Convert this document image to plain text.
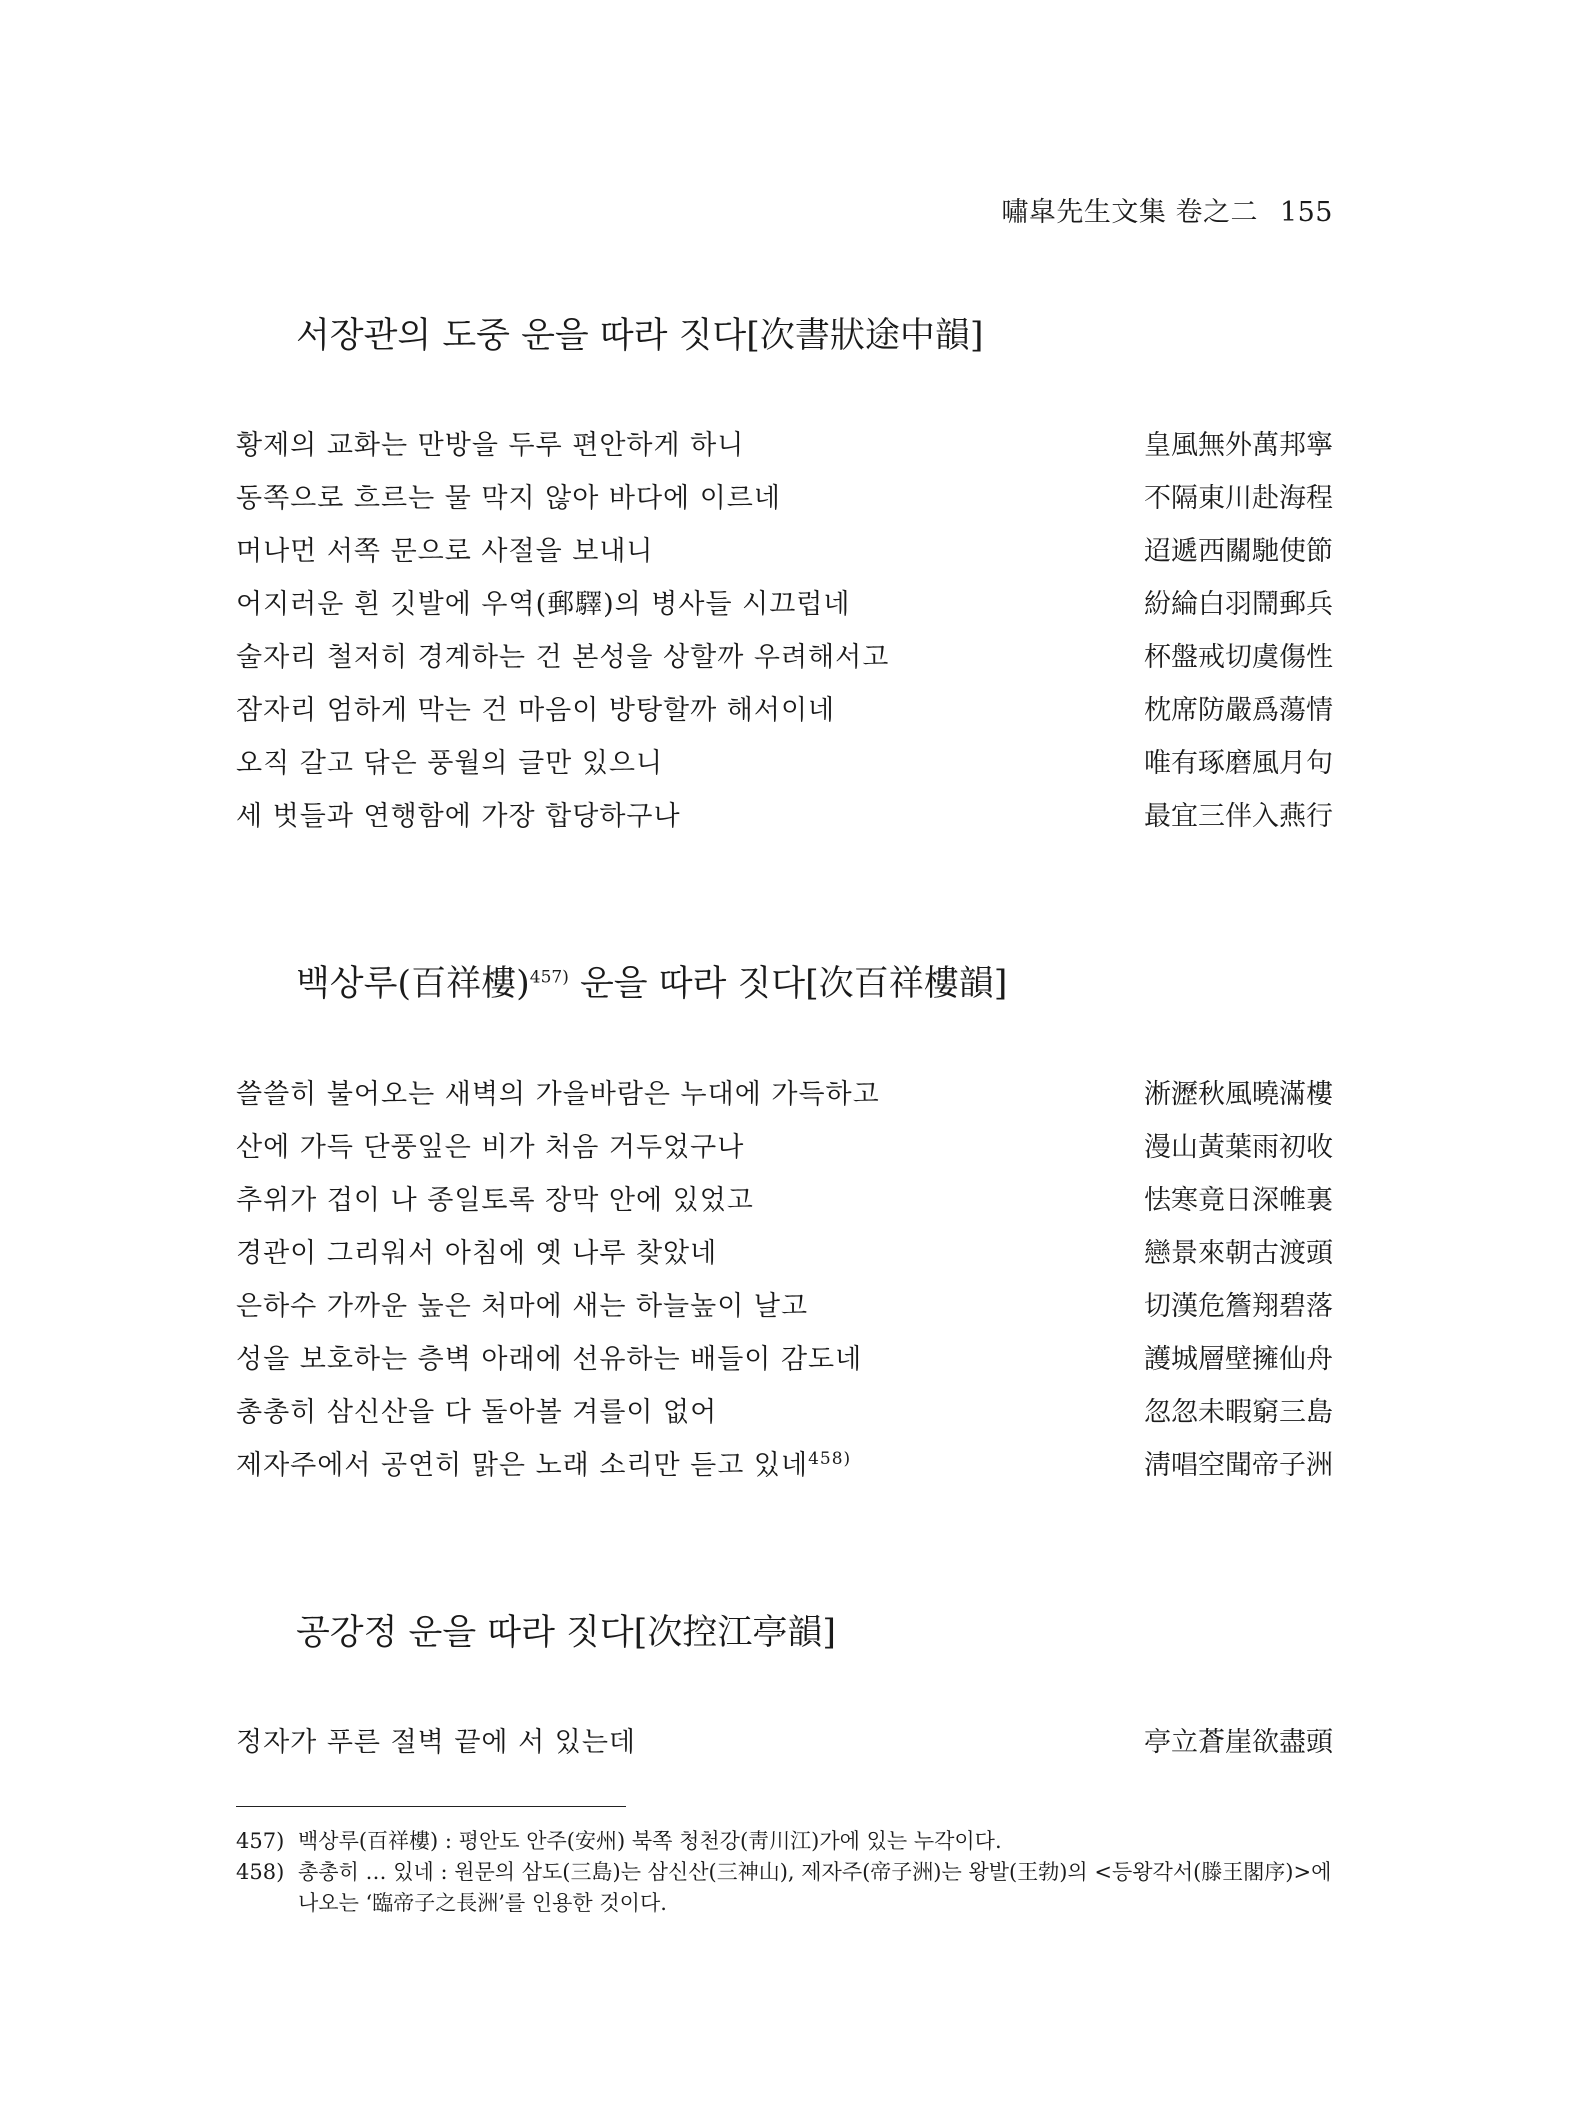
嘯皐先生文集 卷之二 155
서장관의 도중 운을 따라 짓다[次書狀途中韻]
황제의 교화는 만방을 두루 편안하게 하니	皇風無外萬邦寧
동쪽으로 흐르는 물 막지 않아 바다에 이르네	不隔東川赴海程
머나먼 서쪽 문으로 사절을 보내니	迢遞西關馳使節
어지러운 흰 깃발에 우역(郵驛)의 병사들 시끄럽네	紛綸白羽鬧郵兵
술자리 철저히 경계하는 건 본성을 상할까 우려해서고	杯盤戒切虞傷性
잠자리 엄하게 막는 건 마음이 방탕할까 해서이네	枕席防嚴爲蕩情
오직 갈고 닦은 풍월의 글만 있으니	唯有琢磨風月句
세 벗들과 연행함에 가장 합당하구나	最宜三伴入燕行
백상루(百祥樓)$^{457)}$ 운을 따라 짓다[次百祥樓韻]
쓸쓸히 불어오는 새벽의 가을바람은 누대에 가득하고	淅瀝秋風曉滿樓
산에 가득 단풍잎은 비가 처음 거두었구나	漫山黃葉雨初收
추위가 겁이 나 종일토록 장막 안에 있었고	怯寒竟日深帷裏
경관이 그리워서 아침에 옛 나루 찾았네	戀景來朝古渡頭
은하수 가까운 높은 처마에 새는 하늘높이 날고	切漢危簷翔碧落
성을 보호하는 층벽 아래에 선유하는 배들이 감도네	護城層壁擁仙舟
총총히 삼신산을 다 돌아볼 겨를이 없어	忽忽未暇窮三島
제자주에서 공연히 맑은 노래 소리만 듣고 있네$^{458)}$	淸唱空聞帝子洲
공강정 운을 따라 짓다[次控江亭韻]
정자가 푸른 절벽 끝에 서 있는데	亭立蒼崖欲盡頭
457) 백상루(百祥樓) : 평안도 안주(安州) 북쪽 청천강(靑川江)가에 있는 누각이다.
458) 총총히 … 있네 : 원문의 삼도(三島)는 삼신산(三神山), 제자주(帝子洲)는 왕발(王勃)의 <등왕각서(滕王閣序)>에 나오는 ‘臨帝子之長洲’를 인용한 것이다.
